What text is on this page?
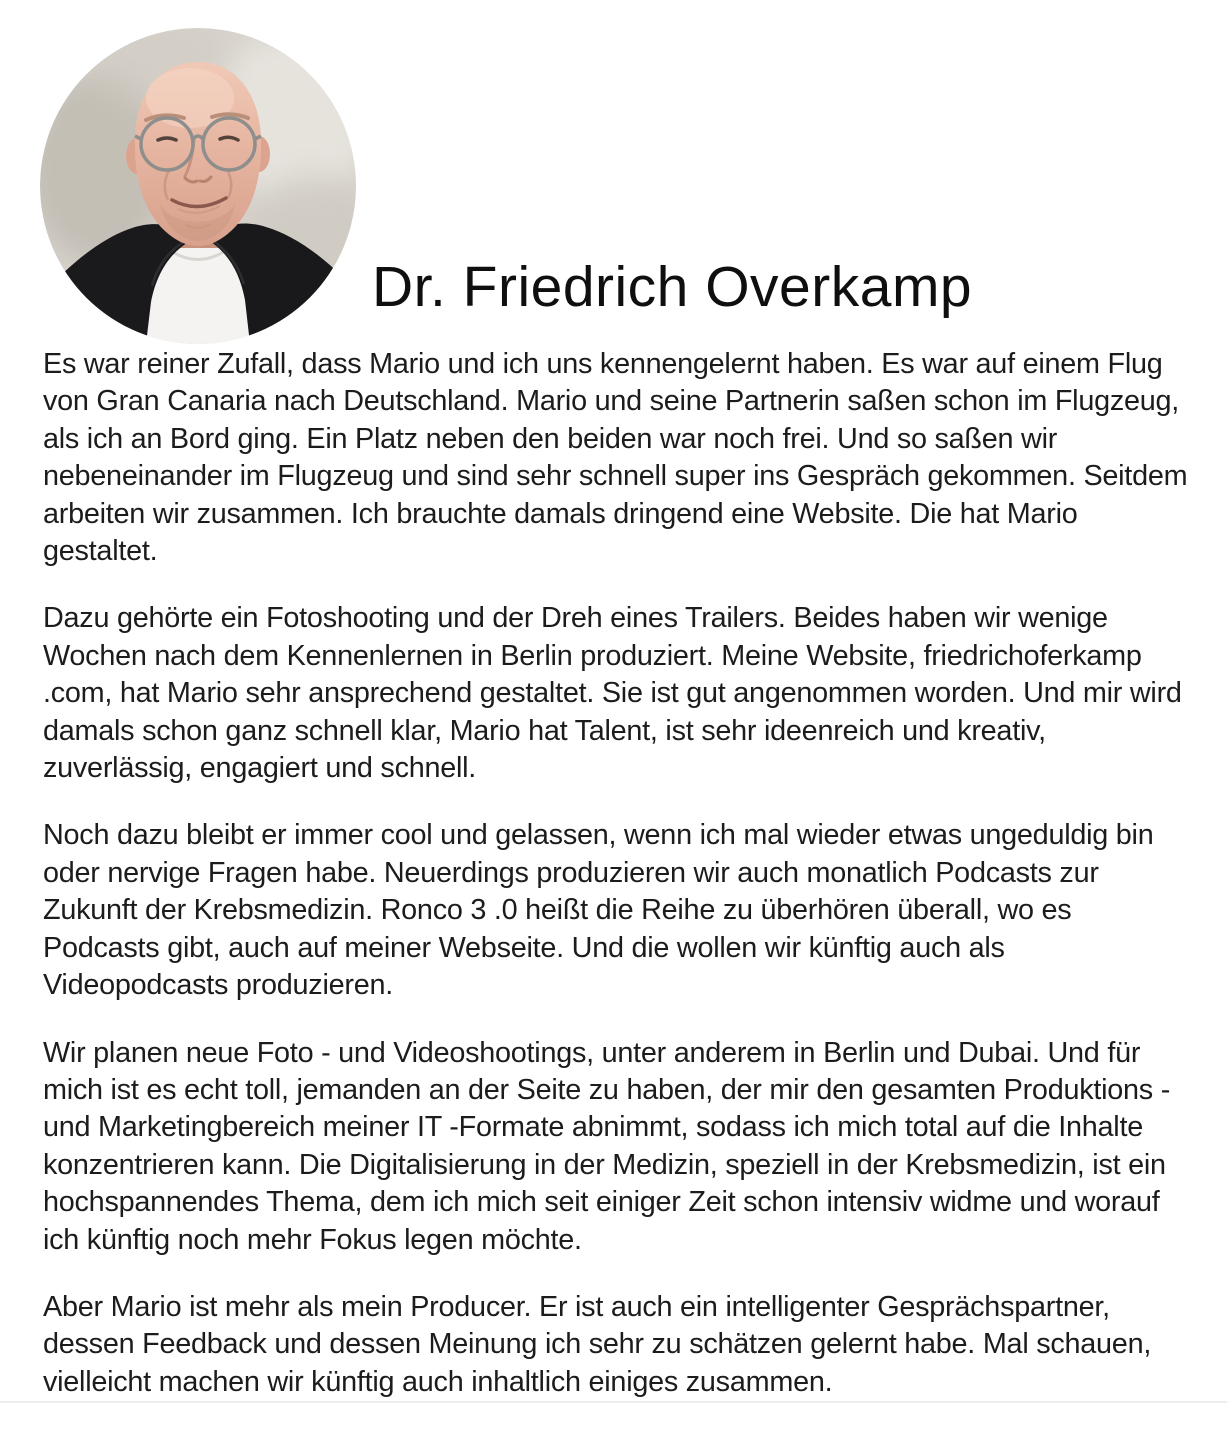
Dr. Friedrich Overkamp

Es war reiner Zufall, dass Mario und ich uns kennengelernt haben. Es war auf einem Flug von Gran Canaria nach Deutschland. Mario und seine Partnerin saßen schon im Flugzeug, als ich an Bord ging. Ein Platz neben den beiden war noch frei. Und so saßen wir nebeneinander im Flugzeug und sind sehr schnell super ins Gespräch gekommen. Seitdem arbeiten wir zusammen. Ich brauchte damals dringend eine Website. Die hat Mario gestaltet.

Dazu gehörte ein Fotoshooting und der Dreh eines Trailers. Beides haben wir wenige Wochen nach dem Kennenlernen in Berlin produziert. Meine Website, friedrichoferkamp .com, hat Mario sehr ansprechend gestaltet. Sie ist gut angenommen worden. Und mir wird damals schon ganz schnell klar, Mario hat Talent, ist sehr ideenreich und kreativ, zuverlässig, engagiert und schnell.

Noch dazu bleibt er immer cool und gelassen, wenn ich mal wieder etwas ungeduldig bin oder nervige Fragen habe. Neuerdings produzieren wir auch monatlich Podcasts zur Zukunft der Krebsmedizin. Ronco 3 .0 heißt die Reihe zu überhören überall, wo es Podcasts gibt, auch auf meiner Webseite. Und die wollen wir künftig auch als Videopodcasts produzieren.

Wir planen neue Foto - und Videoshootings, unter anderem in Berlin und Dubai. Und für mich ist es echt toll, jemanden an der Seite zu haben, der mir den gesamten Produktions - und Marketingbereich meiner IT -Formate abnimmt, sodass ich mich total auf die Inhalte konzentrieren kann. Die Digitalisierung in der Medizin, speziell in der Krebsmedizin, ist ein hochspannendes Thema, dem ich mich seit einiger Zeit schon intensiv widme und worauf ich künftig noch mehr Fokus legen möchte.

Aber Mario ist mehr als mein Producer. Er ist auch ein intelligenter Gesprächspartner, dessen Feedback und dessen Meinung ich sehr zu schätzen gelernt habe. Mal schauen, vielleicht machen wir künftig auch inhaltlich einiges zusammen.
